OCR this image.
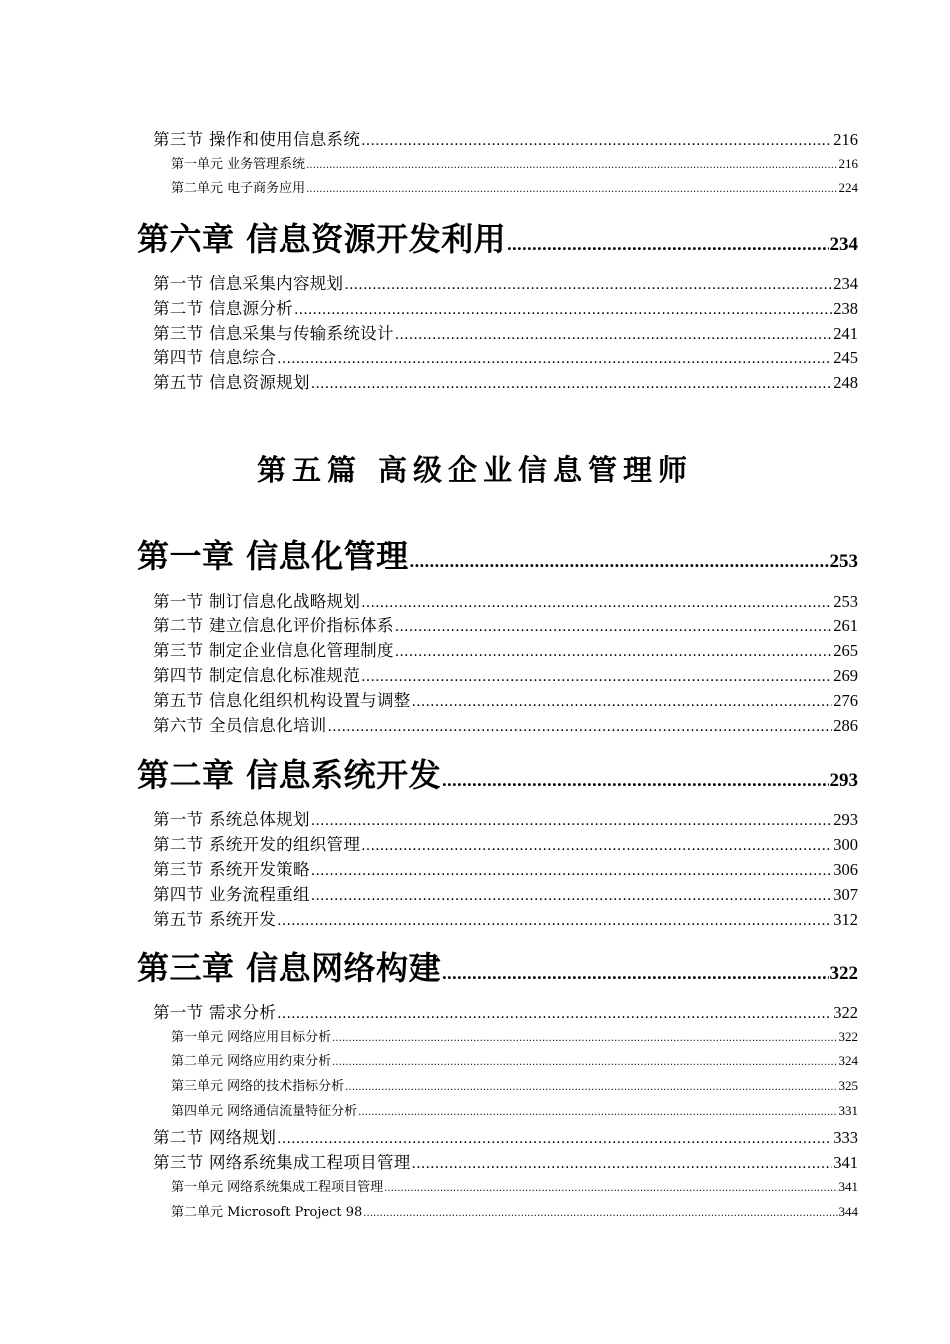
第三节 操作和使用信息系统 .....	216
第一单元 业务管理系统 .....	216
第二单元 电子商务应用 .....	224
第六章 信息资源开发利用 .....	234
第一节 信息采集内容规划 .....	234
第二节 信息源分析 .....	238
第三节 信息采集与传输系统设计 .....	241
第四节 信息综合 .....	245
第五节 信息资源规划 .....	248
第五篇 高级企业信息管理师
第一章 信息化管理 .....	253
第一节 制订信息化战略规划 .....	253
第二节 建立信息化评价指标体系 .....	261
第三节 制定企业信息化管理制度 .....	265
第四节 制定信息化标准规范 .....	269
第五节 信息化组织机构设置与调整 .....	276
第六节 全员信息化培训 .....	286
第二章 信息系统开发 .....	293
第一节 系统总体规划 .....	293
第二节 系统开发的组织管理 .....	300
第三节 系统开发策略 .....	306
第四节 业务流程重组 .....	307
第五节 系统开发 .....	312
第三章 信息网络构建 .....	322
第一节 需求分析 .....	322
第一单元 网络应用目标分析 .....	322
第二单元 网络应用约束分析 .....	324
第三单元 网络的技术指标分析 .....	325
第四单元 网络通信流量特征分析 .....	331
第二节 网络规划 .....	333
第三节 网络系统集成工程项目管理 .....	341
第一单元 网络系统集成工程项目管理 .....	341
第二单元 Microsoft Project 98 .....	344
